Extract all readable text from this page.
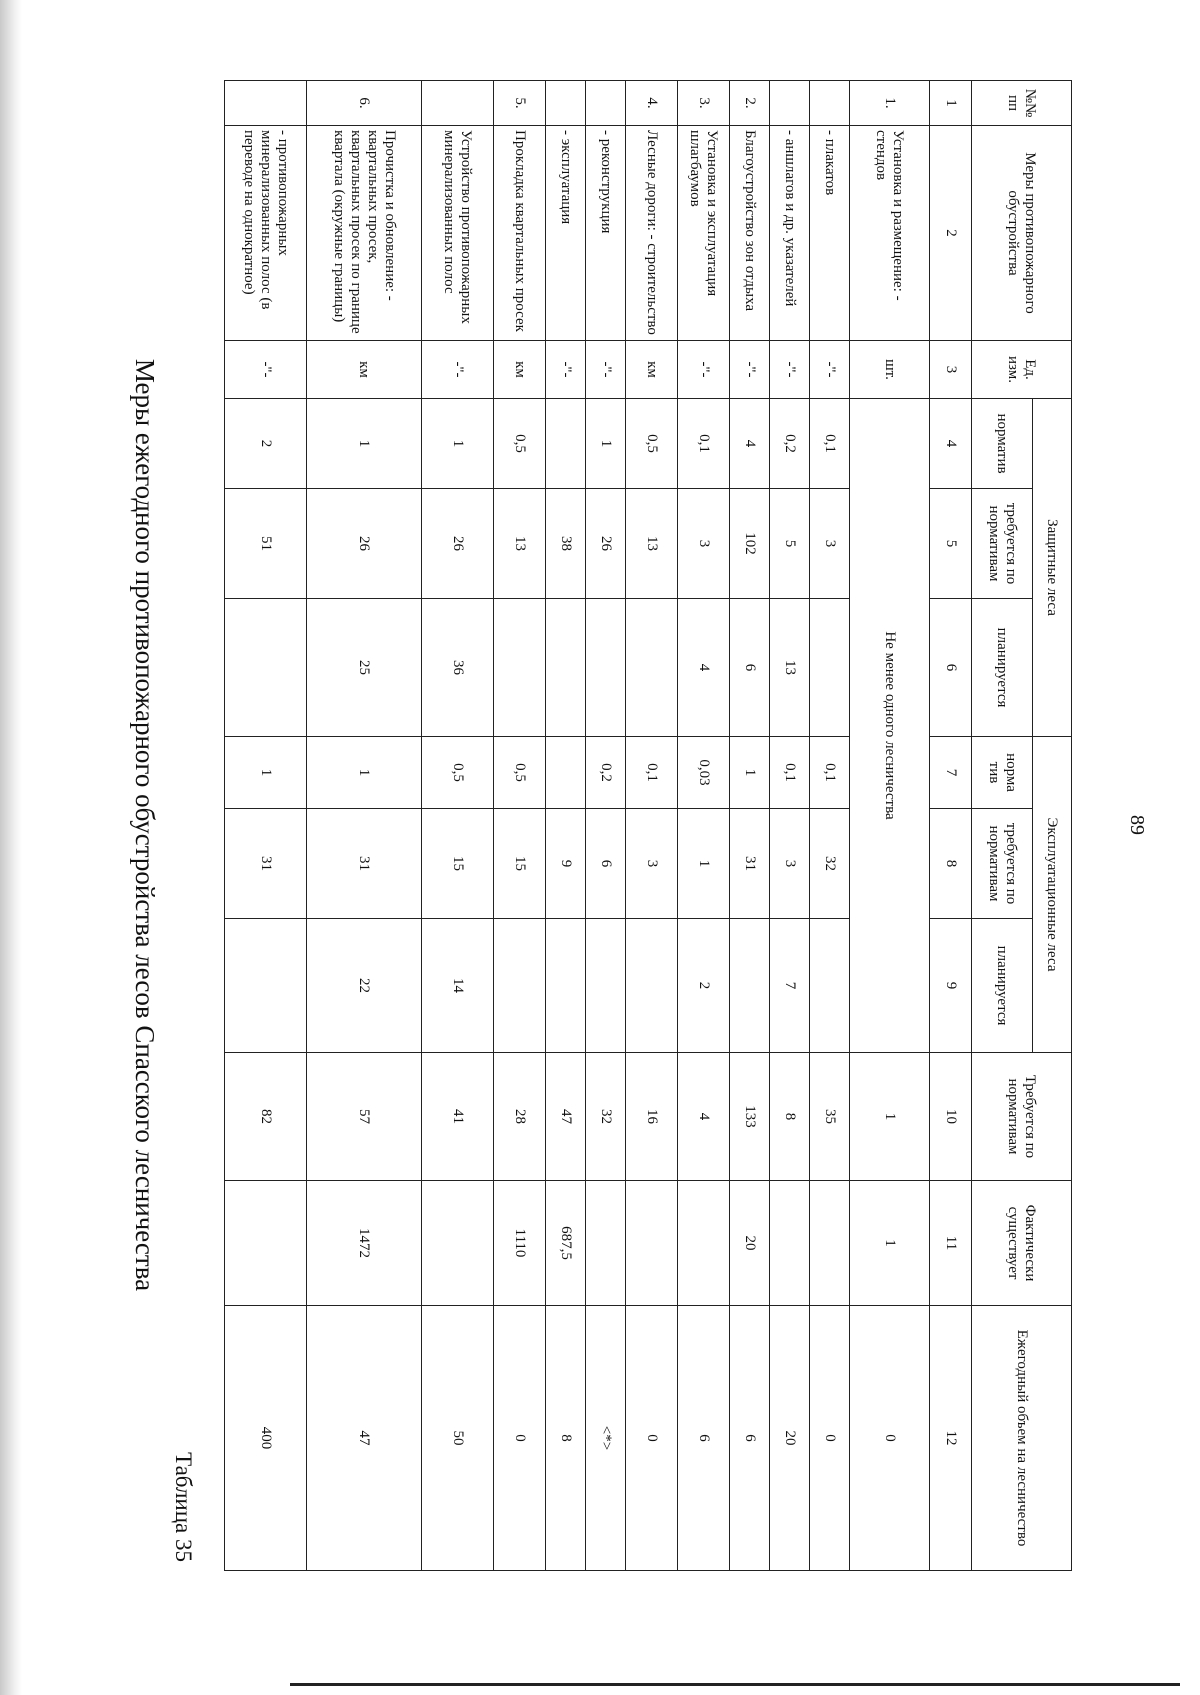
Меры ежегодного противопожарного обустройства лесов Спасского лесничества
Таблица 35
89
№№ пп	Меры противопожарного обустройства	Ед. изм.	Защитные леса			Эксплуатационные леса			Требуется по нормативам	Фактически существует	Ежегодный объем на лесничество
			норматив	требуется по нормативам	планируется	норма тив	требуется по нормативам	планируется			
1	2	3	4	5	6	7	8	9	10	11	12
1.	Установка и размещение: - стендов	шт.	Не менее одного лесничества						1	1	0
	- плакатов	-"-	0,1	3		0,1	32		35		0
	- аншлагов и др. указателей	-"-	0,2	5	13	0,1	3	7	8		20
2.	Благоустройство зон отдыха	-"-	4	102	6	1	31		133	20	6
3.	Установка и эксплуатация шлагбаумов	-"-	0,1	3	4	0,03	1	2	4		6
4.	Лесные дороги: - строительство	км	0,5	13		0,1	3		16		0
	- реконструкция	-"-	1	26		0,2	6		32		<*>
	- эксплуатация	-"-		38			9		47	687,5	8
5.	Прокладка квартальных просек	км	0,5	13		0,5	15		28	1110	0
	Устройство противопожарных минерализованных полос	-"-	1	26	36	0,5	15	14	41		50
6.	Прочистка и обновление: - квартальных просек, квартальных просек по границе квартала (окружные границы)	км	1	26	25	1	31	22	57	1472	47
	- противопожарных минерализованных полос (в переводе на однократное)	-"-	2	51		1	31		82		400
